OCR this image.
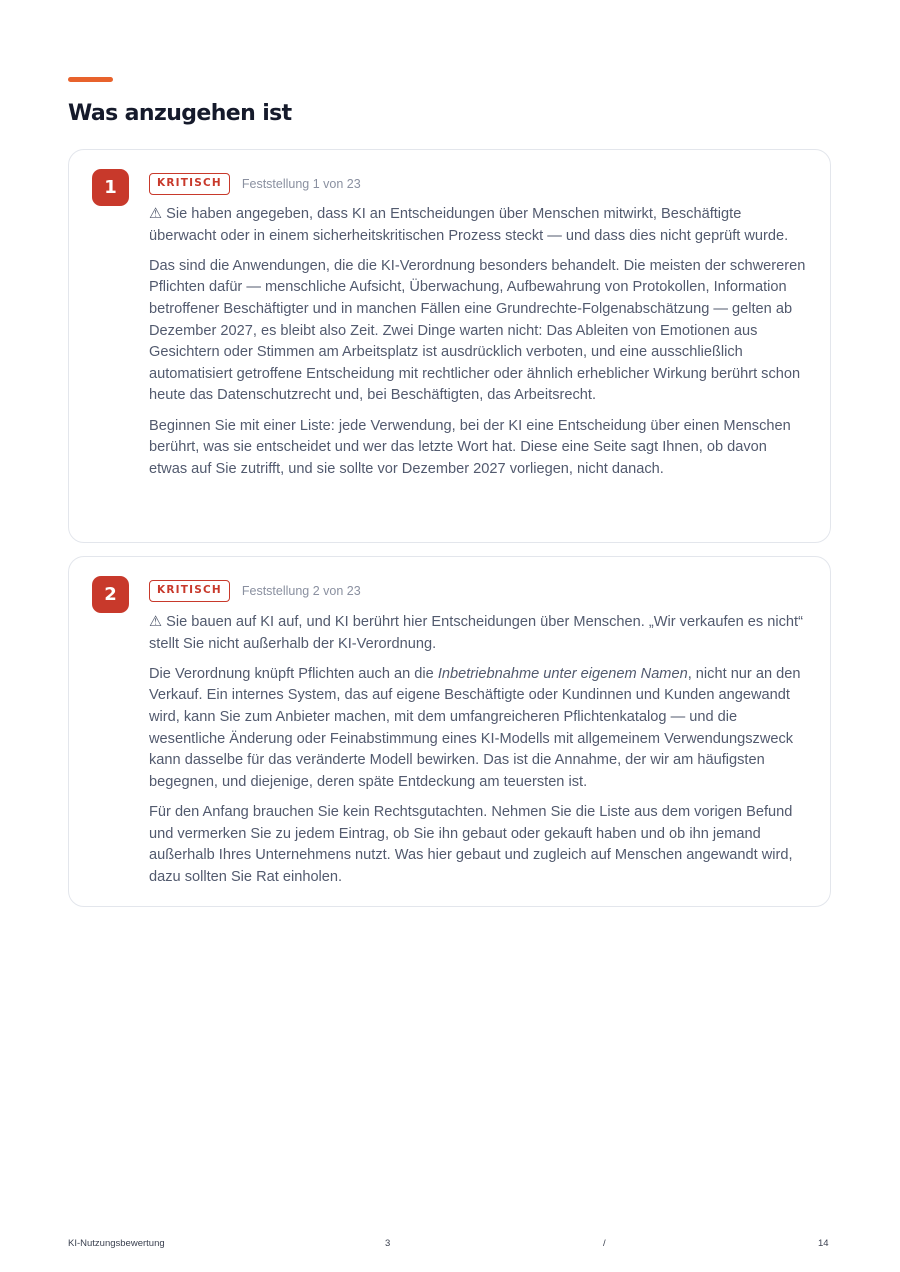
Was anzugehen ist
1	KRITISCH	Feststellung 1 von 23

⚠ Sie haben angegeben, dass KI an Entscheidungen über Menschen mitwirkt, Beschäftigte überwacht oder in einem sicherheitskritischen Prozess steckt — und dass dies nicht geprüft wurde.

Das sind die Anwendungen, die die KI-Verordnung besonders behandelt. Die meisten der schwereren Pflichten dafür — menschliche Aufsicht, Überwachung, Aufbewahrung von Protokollen, Information betroffener Beschäftigter und in manchen Fällen eine Grundrechte-Folgenabschätzung — gelten ab Dezember 2027, es bleibt also Zeit. Zwei Dinge warten nicht: Das Ableiten von Emotionen aus Gesichtern oder Stimmen am Arbeitsplatz ist ausdrücklich verboten, und eine ausschließlich automatisiert getroffene Entscheidung mit rechtlicher oder ähnlich erheblicher Wirkung berührt schon heute das Datenschutzrecht und, bei Beschäftigten, das Arbeitsrecht.

Beginnen Sie mit einer Liste: jede Verwendung, bei der KI eine Entscheidung über einen Menschen berührt, was sie entscheidet und wer das letzte Wort hat. Diese eine Seite sagt Ihnen, ob davon etwas auf Sie zutrifft, und sie sollte vor Dezember 2027 vorliegen, nicht danach.

2	KRITISCH	Feststellung 2 von 23

⚠ Sie bauen auf KI auf, und KI berührt hier Entscheidungen über Menschen. „Wir verkaufen es nicht“ stellt Sie nicht außerhalb der KI-Verordnung.

Die Verordnung knüpft Pflichten auch an die Inbetriebnahme unter eigenem Namen, nicht nur an den Verkauf. Ein internes System, das auf eigene Beschäftigte oder Kundinnen und Kunden angewandt wird, kann Sie zum Anbieter machen, mit dem umfangreicheren Pflichtenkatalog — und die wesentliche Änderung oder Feinabstimmung eines KI-Modells mit allgemeinem Verwendungszweck kann dasselbe für das veränderte Modell bewirken. Das ist die Annahme, der wir am häufigsten begegnen, und diejenige, deren späte Entdeckung am teuersten ist.

Für den Anfang brauchen Sie kein Rechtsgutachten. Nehmen Sie die Liste aus dem vorigen Befund und vermerken Sie zu jedem Eintrag, ob Sie ihn gebaut oder gekauft haben und ob ihn jemand außerhalb Ihres Unternehmens nutzt. Was hier gebaut und zugleich auf Menschen angewandt wird, dazu sollten Sie Rat einholen.

KI-Nutzungsbewertung	3	/	14
